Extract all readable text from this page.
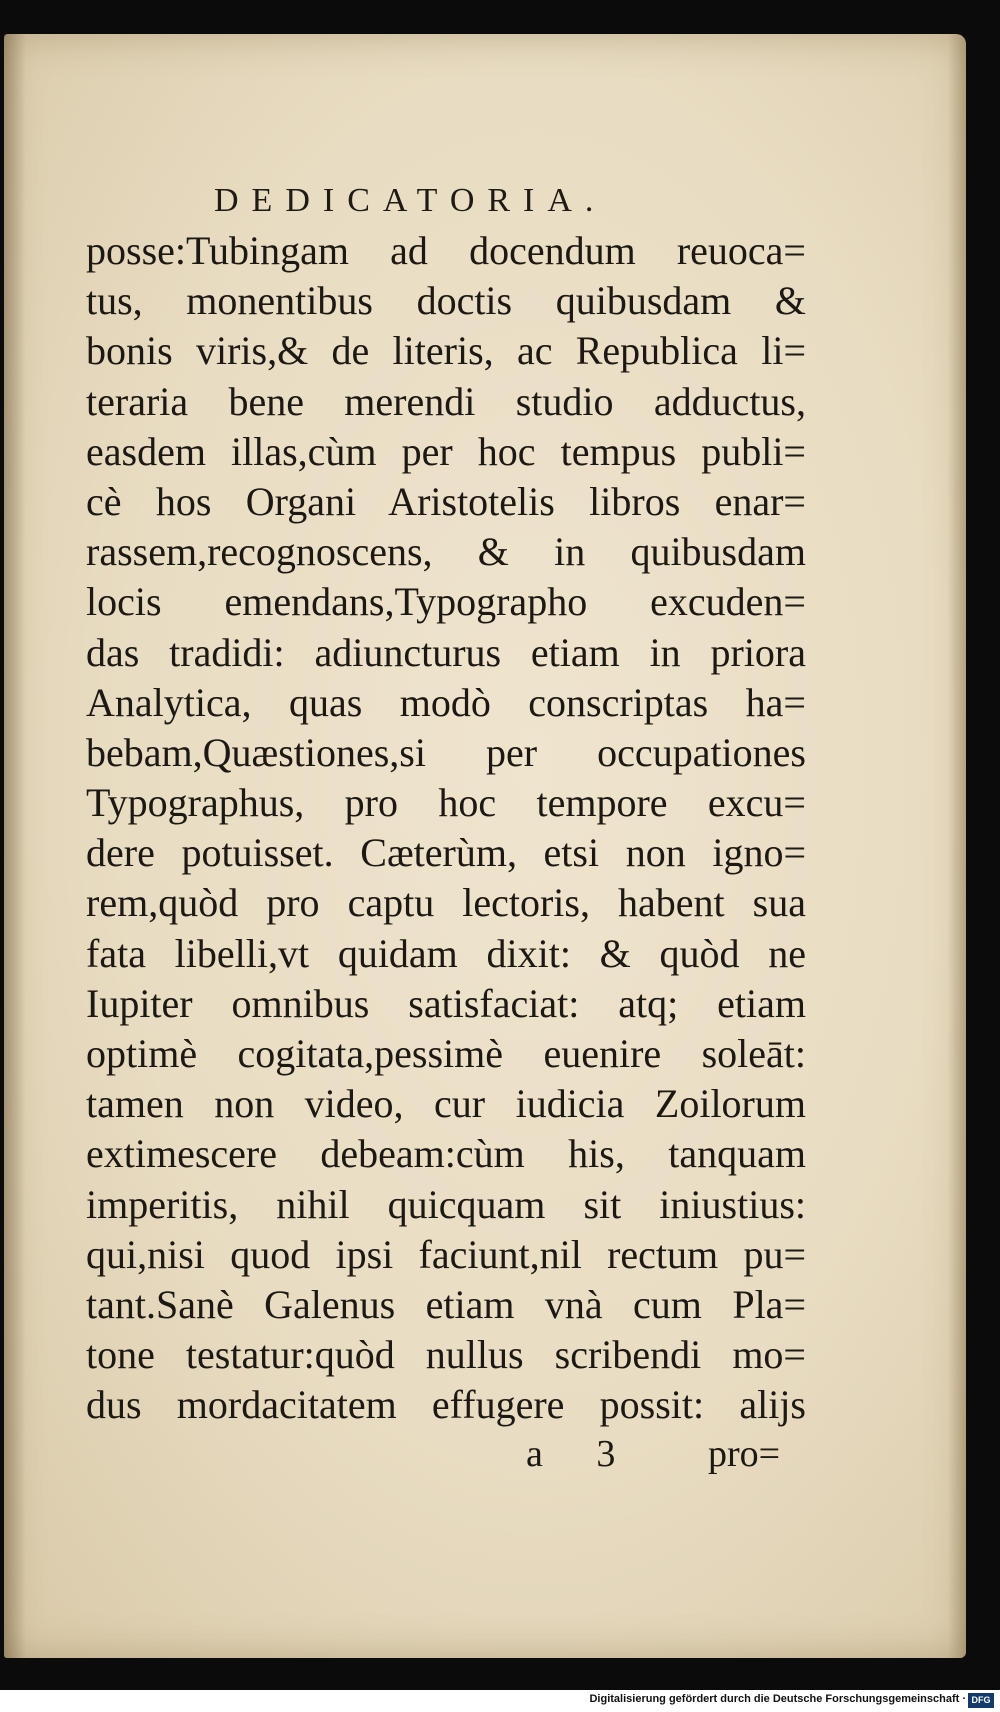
DEDICATORIA.
posse:Tubingam ad docendum reuoca=
tus, monentibus doctis quibusdam &
bonis viris,& de literis, ac Republica li=
teraria bene merendi studio adductus,
easdem illas,cùm per hoc tempus publi=
cè hos Organi Aristotelis libros enar=
rassem,recognoscens, & in quibusdam
locis emendans,Typographo excuden=
das tradidi: adiuncturus etiam in priora
Analytica, quas modò conscriptas ha=
bebam,Quæstiones,si per occupationes
Typographus, pro hoc tempore excu=
dere potuisset. Cæterùm, etsi non igno=
rem,quòd pro captu lectoris, habent sua
fata libelli,vt quidam dixit: & quòd ne
Iupiter omnibus satisfaciat: atq; etiam
optimè cogitata,pessimè euenire soleāt:
tamen non video, cur iudicia Zoilorum
extimescere debeam:cùm his, tanquam
imperitis, nihil quicquam sit iniustius:
qui,nisi quod ipsi faciunt,nil rectum pu=
tant.Sanè Galenus etiam vnà cum Pla=
tone testatur:quòd nullus scribendi mo=
dus mordacitatem effugere possit: alijs
a 3 pro=
Digitalisierung gefördert durch die Deutsche Forschungsgemeinschaft · DFG
